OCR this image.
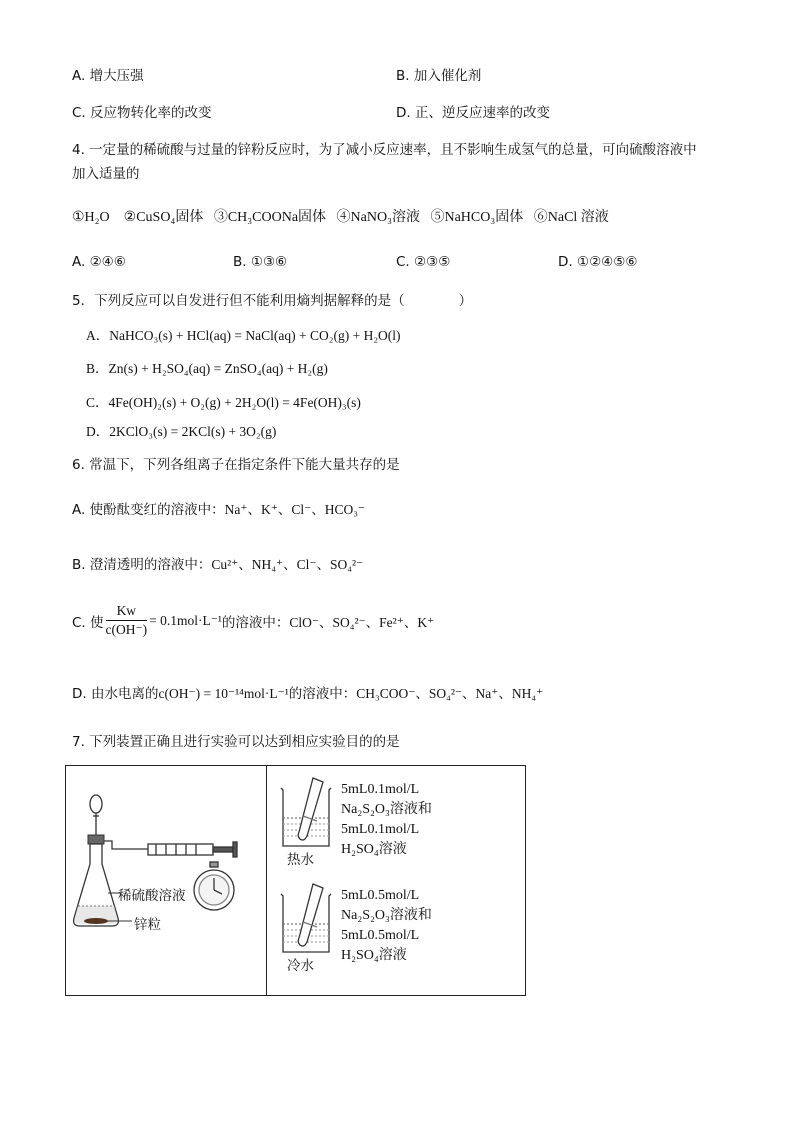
A. 增大压强	B. 加入催化剂
C. 反应物转化率的改变	D. 正、逆反应速率的改变
4. 一定量的稀硫酸与过量的锌粉反应时，为了减小反应速率，且不影响生成氢气的总量，可向硫酸溶液中
加入适量的
①H₂O ②CuSO₄固体 ③CH₃COONa固体 ④NaNO₃溶液 ⑤NaHCO₃固体 ⑥NaCl 溶液
A. ②④⑥	B. ①③⑥	C. ②③⑤	D. ①②④⑤⑥
5．下列反应可以自发进行但不能利用熵判据解释的是（　　　　）
A．NaHCO₃(s) + HCl(aq) = NaCl(aq) + CO₂(g) + H₂O(l)
B．Zn(s) + H₂SO₄(aq) = ZnSO₄(aq) + H₂(g)
C．4Fe(OH)₂(s) + O₂(g) + 2H₂O(l) = 4Fe(OH)₃(s)
D．2KClO₃(s) = 2KCl(s) + 3O₂(g)
6. 常温下，下列各组离子在指定条件下能大量共存的是
A. 使酚酞变红的溶液中：Na⁺、K⁺、Cl⁻、HCO₃⁻
B. 澄清透明的溶液中：Cu²⁺、NH₄⁺、Cl⁻、SO₄²⁻
C. 使 $\frac{Kw}{c(OH^-)} = 0.1mol\cdot L^{-1}$ 的溶液中：ClO⁻、SO₄²⁻、Fe²⁺、K⁺
D. 由水电离的c(OH⁻) = 10⁻¹⁴mol·L⁻¹的溶液中：CH₃COO⁻、SO₄²⁻、Na⁺、NH₄⁺
7. 下列装置正确且进行实验可以达到相应实验目的的是
稀硫酸溶液
锌粒

热水
冷水
5mL0.1mol/L
Na₂S₂O₃溶液和
5mL0.1mol/L
H₂SO₄溶液
5mL0.5mol/L
Na₂S₂O₃溶液和
5mL0.5mol/L
H₂SO₄溶液
